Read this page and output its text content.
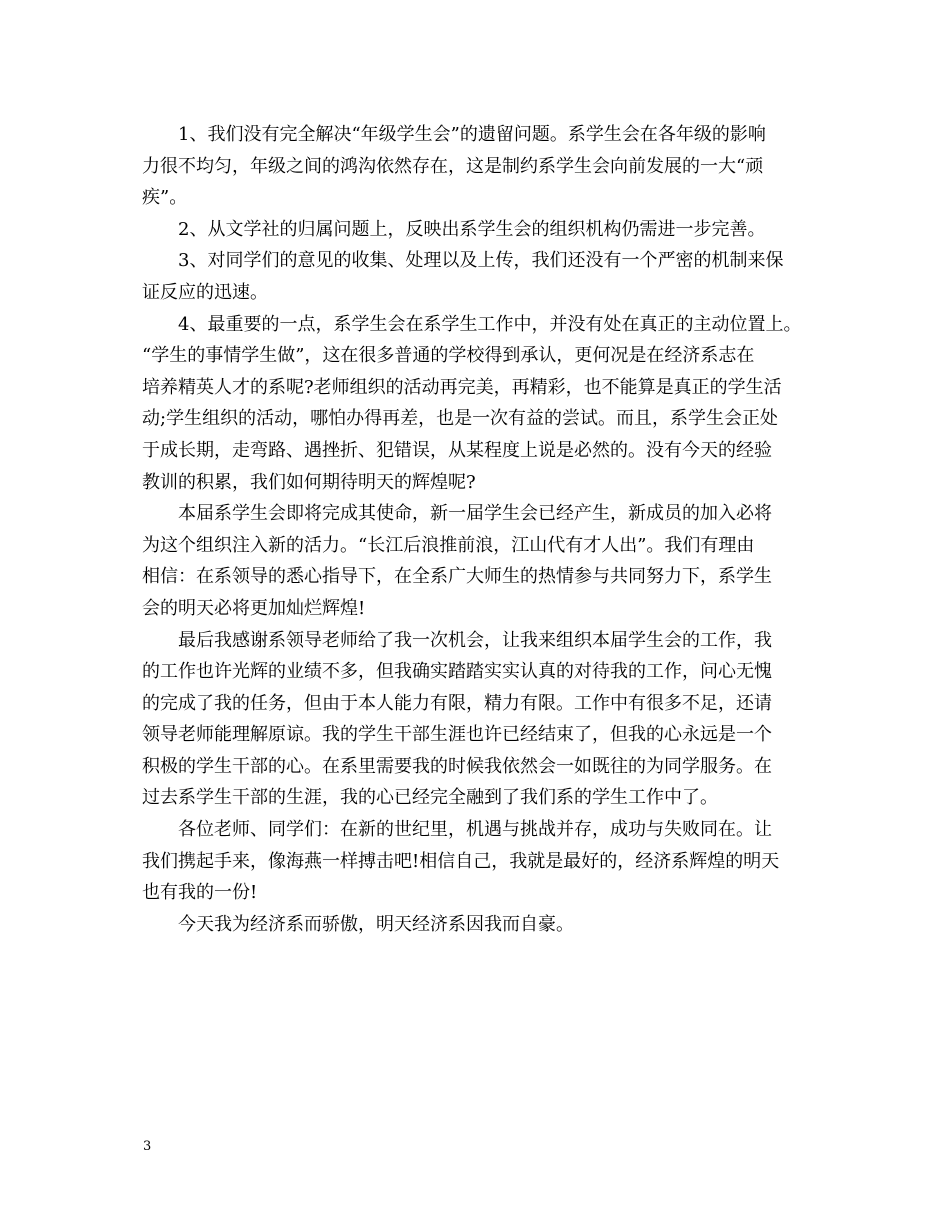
1、我们没有完全解决“年级学生会”的遗留问题。系学生会在各年级的影响
力很不均匀，年级之间的鸿沟依然存在，这是制约系学生会向前发展的一大“顽
疾”。
2、从文学社的归属问题上，反映出系学生会的组织机构仍需进一步完善。
3、对同学们的意见的收集、处理以及上传，我们还没有一个严密的机制来保
证反应的迅速。
4、最重要的一点，系学生会在系学生工作中，并没有处在真正的主动位置上。
“学生的事情学生做”，这在很多普通的学校得到承认，更何况是在经济系志在
培养精英人才的系呢?老师组织的活动再完美，再精彩，也不能算是真正的学生活
动;学生组织的活动，哪怕办得再差，也是一次有益的尝试。而且，系学生会正处
于成长期，走弯路、遇挫折、犯错误，从某程度上说是必然的。没有今天的经验
教训的积累，我们如何期待明天的辉煌呢?
本届系学生会即将完成其使命，新一届学生会已经产生，新成员的加入必将
为这个组织注入新的活力。“长江后浪推前浪，江山代有才人出”。我们有理由
相信：在系领导的悉心指导下，在全系广大师生的热情参与共同努力下，系学生
会的明天必将更加灿烂辉煌!
最后我感谢系领导老师给了我一次机会，让我来组织本届学生会的工作，我
的工作也许光辉的业绩不多，但我确实踏踏实实认真的对待我的工作，问心无愧
的完成了我的任务，但由于本人能力有限，精力有限。工作中有很多不足，还请
领导老师能理解原谅。我的学生干部生涯也许已经结束了，但我的心永远是一个
积极的学生干部的心。在系里需要我的时候我依然会一如既往的为同学服务。在
过去系学生干部的生涯，我的心已经完全融到了我们系的学生工作中了。
各位老师、同学们：在新的世纪里，机遇与挑战并存，成功与失败同在。让
我们携起手来，像海燕一样搏击吧!相信自己，我就是最好的，经济系辉煌的明天
也有我的一份!
今天我为经济系而骄傲，明天经济系因我而自豪。
3
